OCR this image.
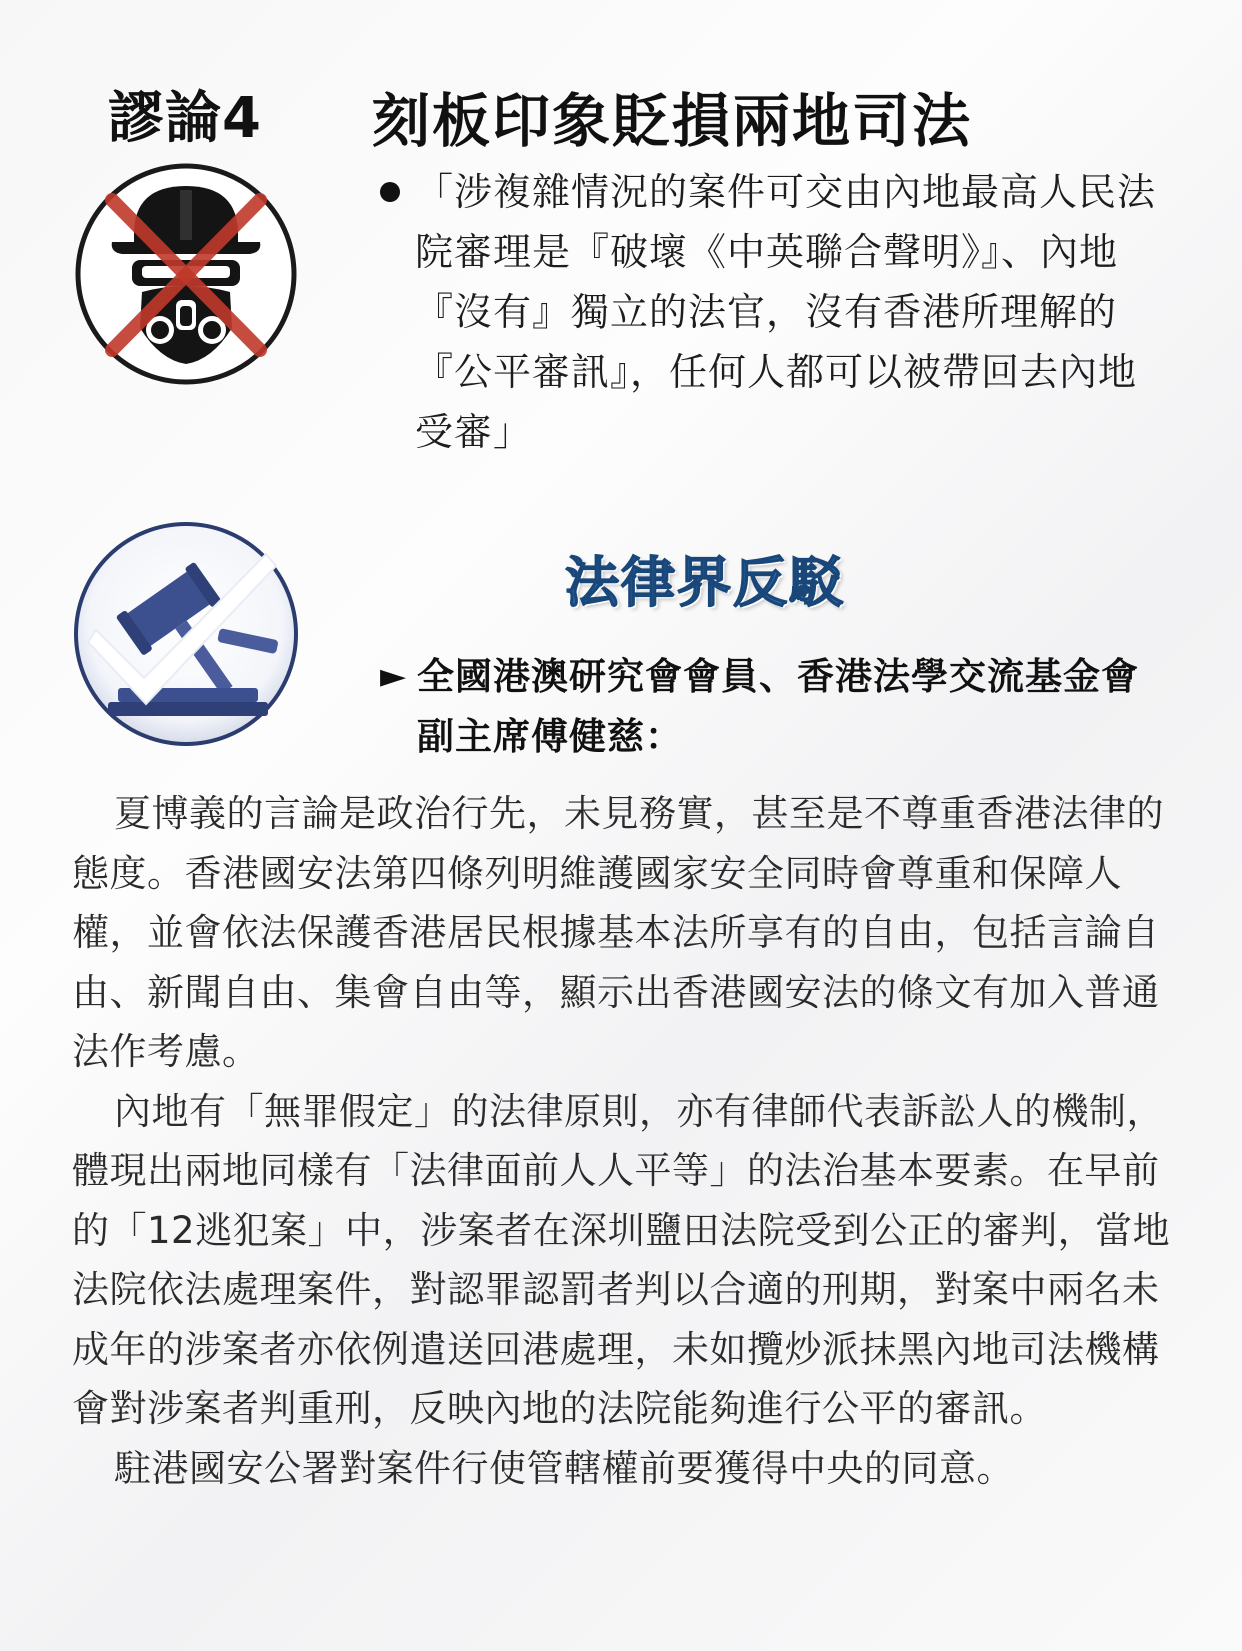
謬論4 刻板印象貶損兩地司法
「涉複雜情況的案件可交由內地最高人民法院審理是『破壞《中英聯合聲明》』、內地『沒有』獨立的法官，沒有香港所理解的『公平審訊』，任何人都可以被帶回去內地受審」
法律界反駁
► 全國港澳研究會會員、香港法學交流基金會副主席傅健慈：

夏博義的言論是政治行先，未見務實，甚至是不尊重香港法律的態度。香港國安法第四條列明維護國家安全同時會尊重和保障人權，並會依法保護香港居民根據基本法所享有的自由，包括言論自由、新聞自由、集會自由等，顯示出香港國安法的條文有加入普通法作考慮。

內地有「無罪假定」的法律原則，亦有律師代表訴訟人的機制，體現出兩地同樣有「法律面前人人平等」的法治基本要素。在早前的「12逃犯案」中，涉案者在深圳鹽田法院受到公正的審判，當地法院依法處理案件，對認罪認罰者判以合適的刑期，對案中兩名未成年的涉案者亦依例遣送回港處理，未如攬炒派抹黑內地司法機構會對涉案者判重刑，反映內地的法院能夠進行公平的審訊。

駐港國安公署對案件行使管轄權前要獲得中央的同意。
